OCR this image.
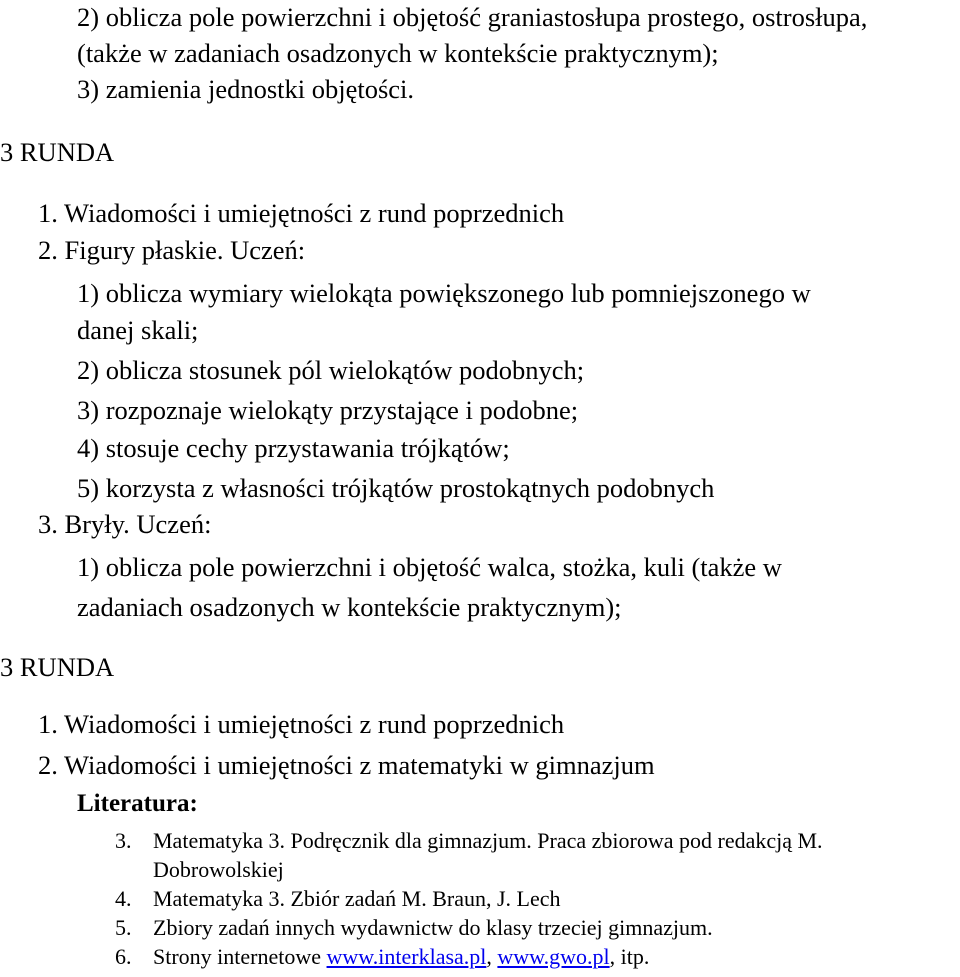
2) oblicza pole powierzchni i objętość graniastosłupa prostego, ostrosłupa,
(także w zadaniach osadzonych w kontekście praktycznym);
3) zamienia jednostki objętości.
3 RUNDA
1. Wiadomości i umiejętności z rund poprzednich
2. Figury płaskie. Uczeń:
1) oblicza wymiary wielokąta powiększonego lub pomniejszonego w
danej skali;
2) oblicza stosunek pól wielokątów podobnych;
3) rozpoznaje wielokąty przystające i podobne;
4) stosuje cechy przystawania trójkątów;
5) korzysta z własności trójkątów prostokątnych podobnych
3. Bryły. Uczeń:
1) oblicza pole powierzchni i objętość walca, stożka, kuli (także w
zadaniach osadzonych w kontekście praktycznym);
3 RUNDA
1. Wiadomości i umiejętności z rund poprzednich
2. Wiadomości i umiejętności z matematyki w gimnazjum
Literatura:
3. Matematyka 3. Podręcznik dla gimnazjum. Praca zbiorowa pod redakcją M.
Dobrowolskiej
4. Matematyka 3. Zbiór zadań M. Braun, J. Lech
5. Zbiory zadań innych wydawnictw do klasy trzeciej gimnazjum.
6. Strony internetowe www.interklasa.pl, www.gwo.pl, itp.
